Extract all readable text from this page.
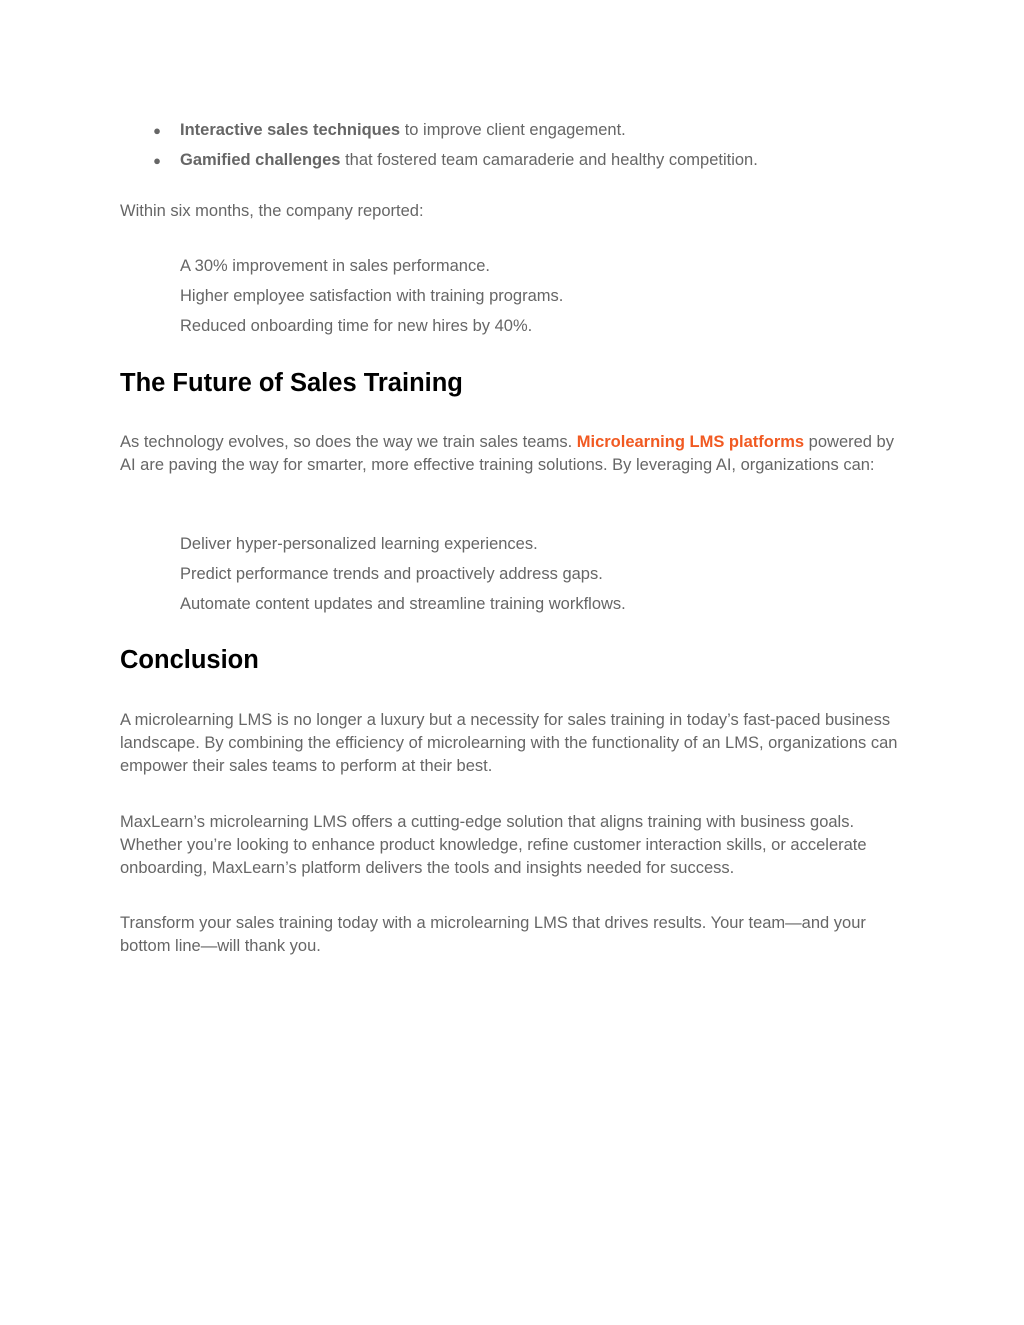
● Interactive sales techniques to improve client engagement.
● Gamified challenges that fostered team camaraderie and healthy competition.

Within six months, the company reported:

A 30% improvement in sales performance.
Higher employee satisfaction with training programs.
Reduced onboarding time for new hires by 40%.
The Future of Sales Training

As technology evolves, so does the way we train sales teams. Microlearning LMS platforms powered by AI are paving the way for smarter, more effective training solutions. By leveraging AI, organizations can:

Deliver hyper-personalized learning experiences.
Predict performance trends and proactively address gaps.
Automate content updates and streamline training workflows.
Conclusion

A microlearning LMS is no longer a luxury but a necessity for sales training in today’s fast-paced business landscape. By combining the efficiency of microlearning with the functionality of an LMS, organizations can empower their sales teams to perform at their best.

MaxLearn’s microlearning LMS offers a cutting-edge solution that aligns training with business goals. Whether you’re looking to enhance product knowledge, refine customer interaction skills, or accelerate onboarding, MaxLearn’s platform delivers the tools and insights needed for success.

Transform your sales training today with a microlearning LMS that drives results. Your team—and your bottom line—will thank you.
